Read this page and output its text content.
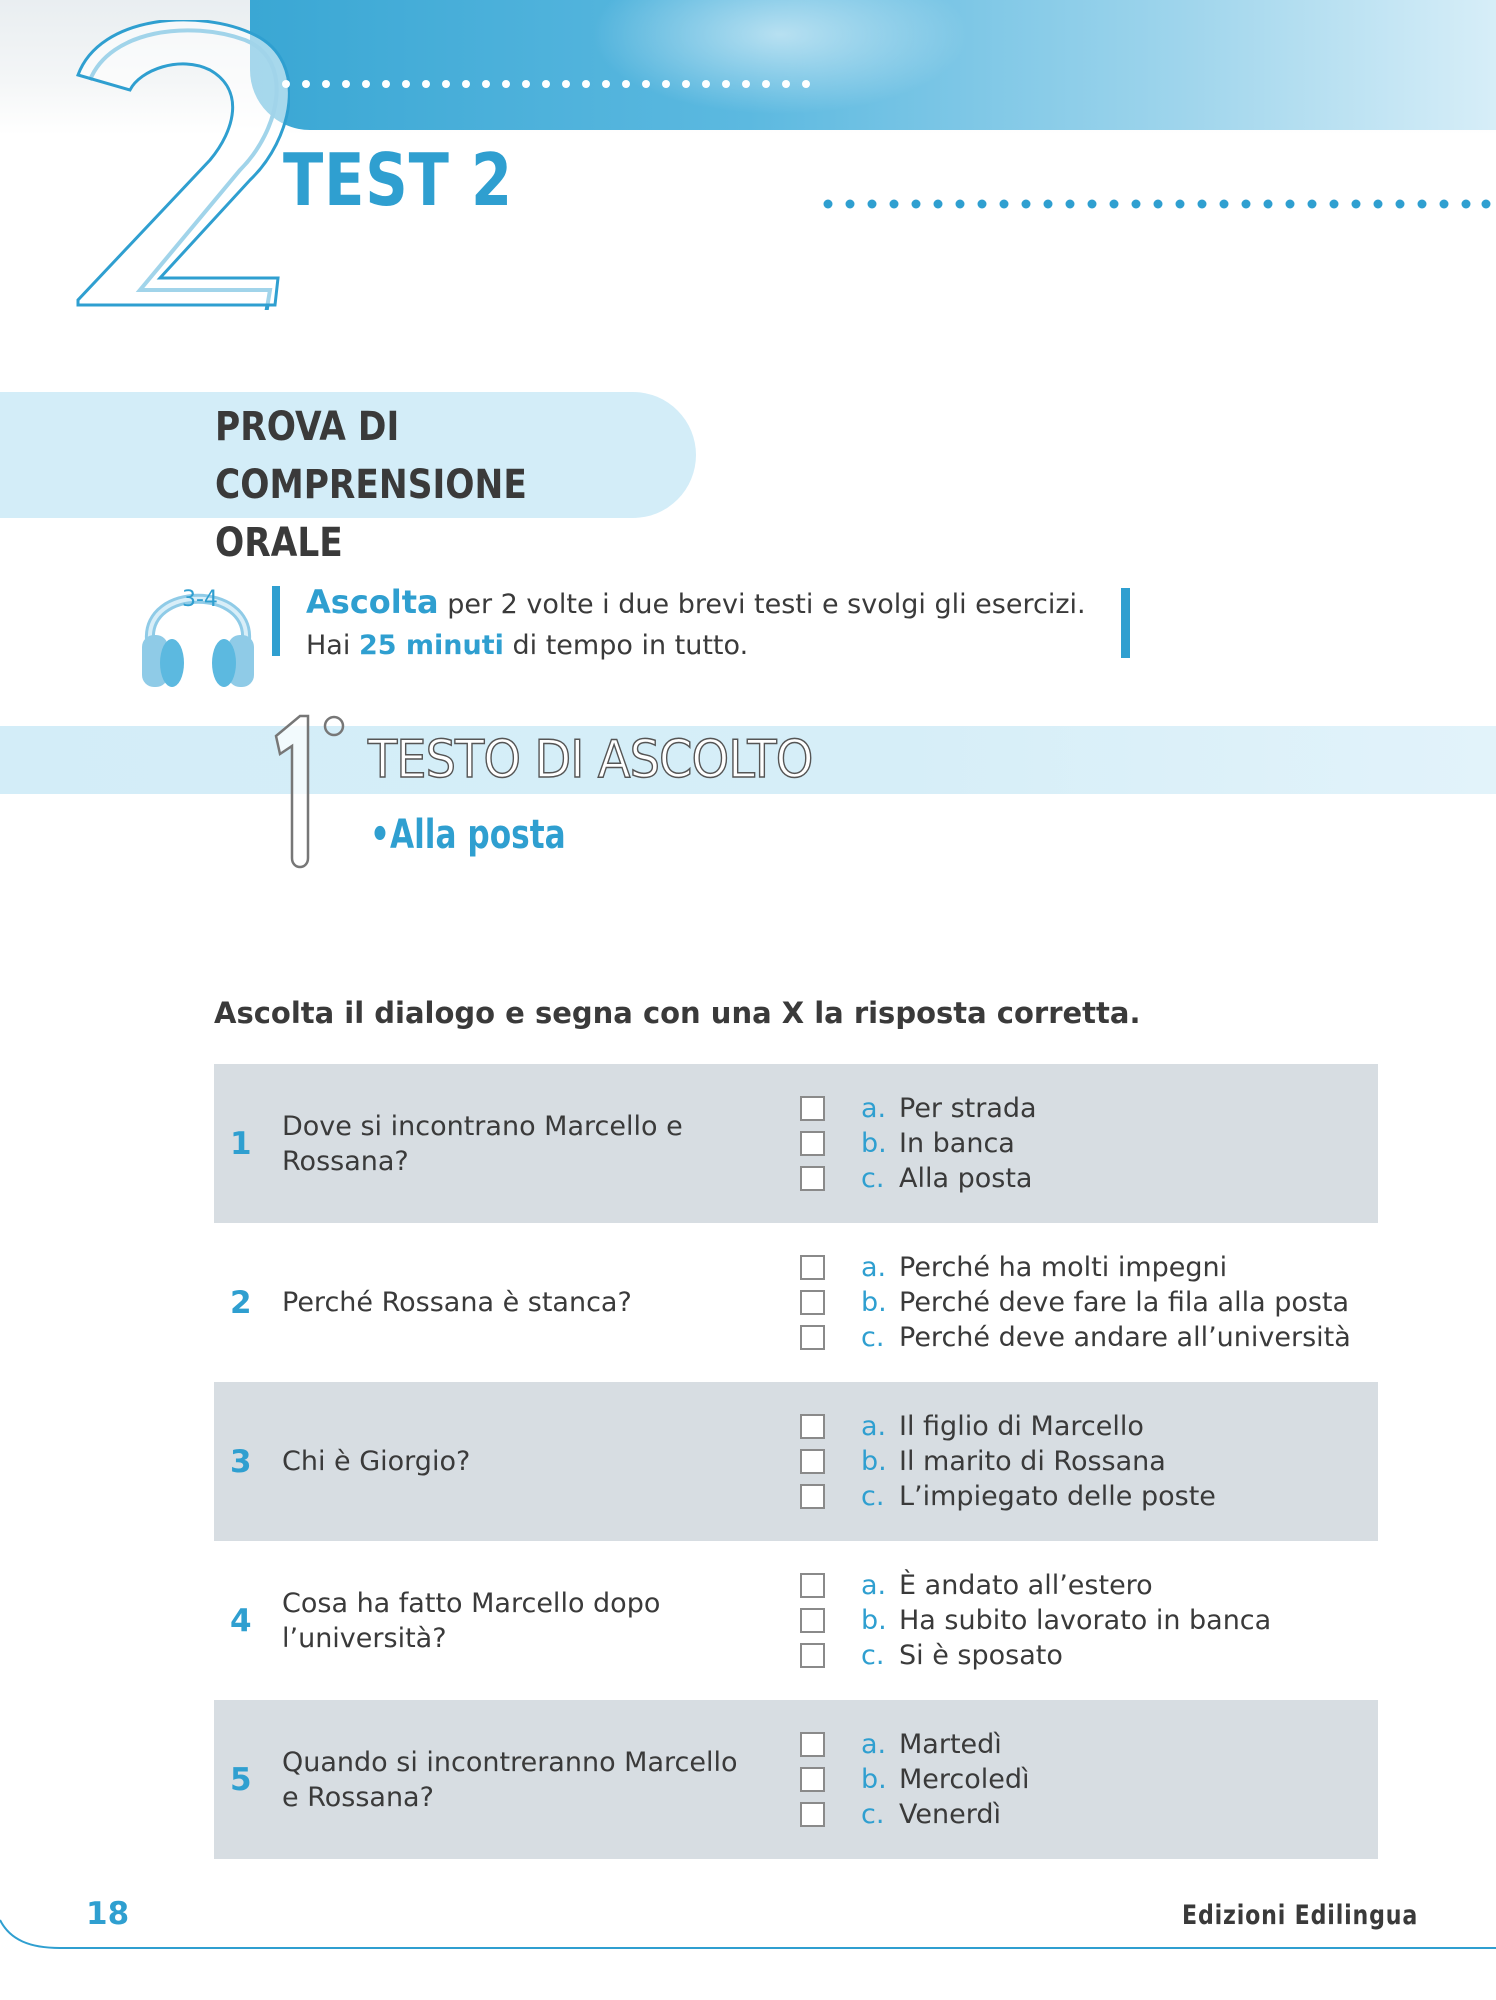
TEST 2
PROVA DI
COMPRENSIONE ORALE
3-4	Ascolta per 2 volte i due brevi testi e svolgi gli esercizi.
Hai 25 minuti di tempo in tutto.
TESTO DI ASCOLTO
•Alla posta
Ascolta il dialogo e segna con una X la risposta corretta.
1 Dove si incontrano Marcello e Rossana?
a. Per strada
b. In banca
c. Alla posta
2 Perché Rossana è stanca?
a. Perché ha molti impegni
b. Perché deve fare la fila alla posta
c. Perché deve andare all’università
3 Chi è Giorgio?
a. Il figlio di Marcello
b. Il marito di Rossana
c. L’impiegato delle poste
4 Cosa ha fatto Marcello dopo l’università?
a. È andato all’estero
b. Ha subito lavorato in banca
c. Si è sposato
5 Quando si incontreranno Marcello e Rossana?
a. Martedì
b. Mercoledì
c. Venerdì
18	Edizioni Edilingua
